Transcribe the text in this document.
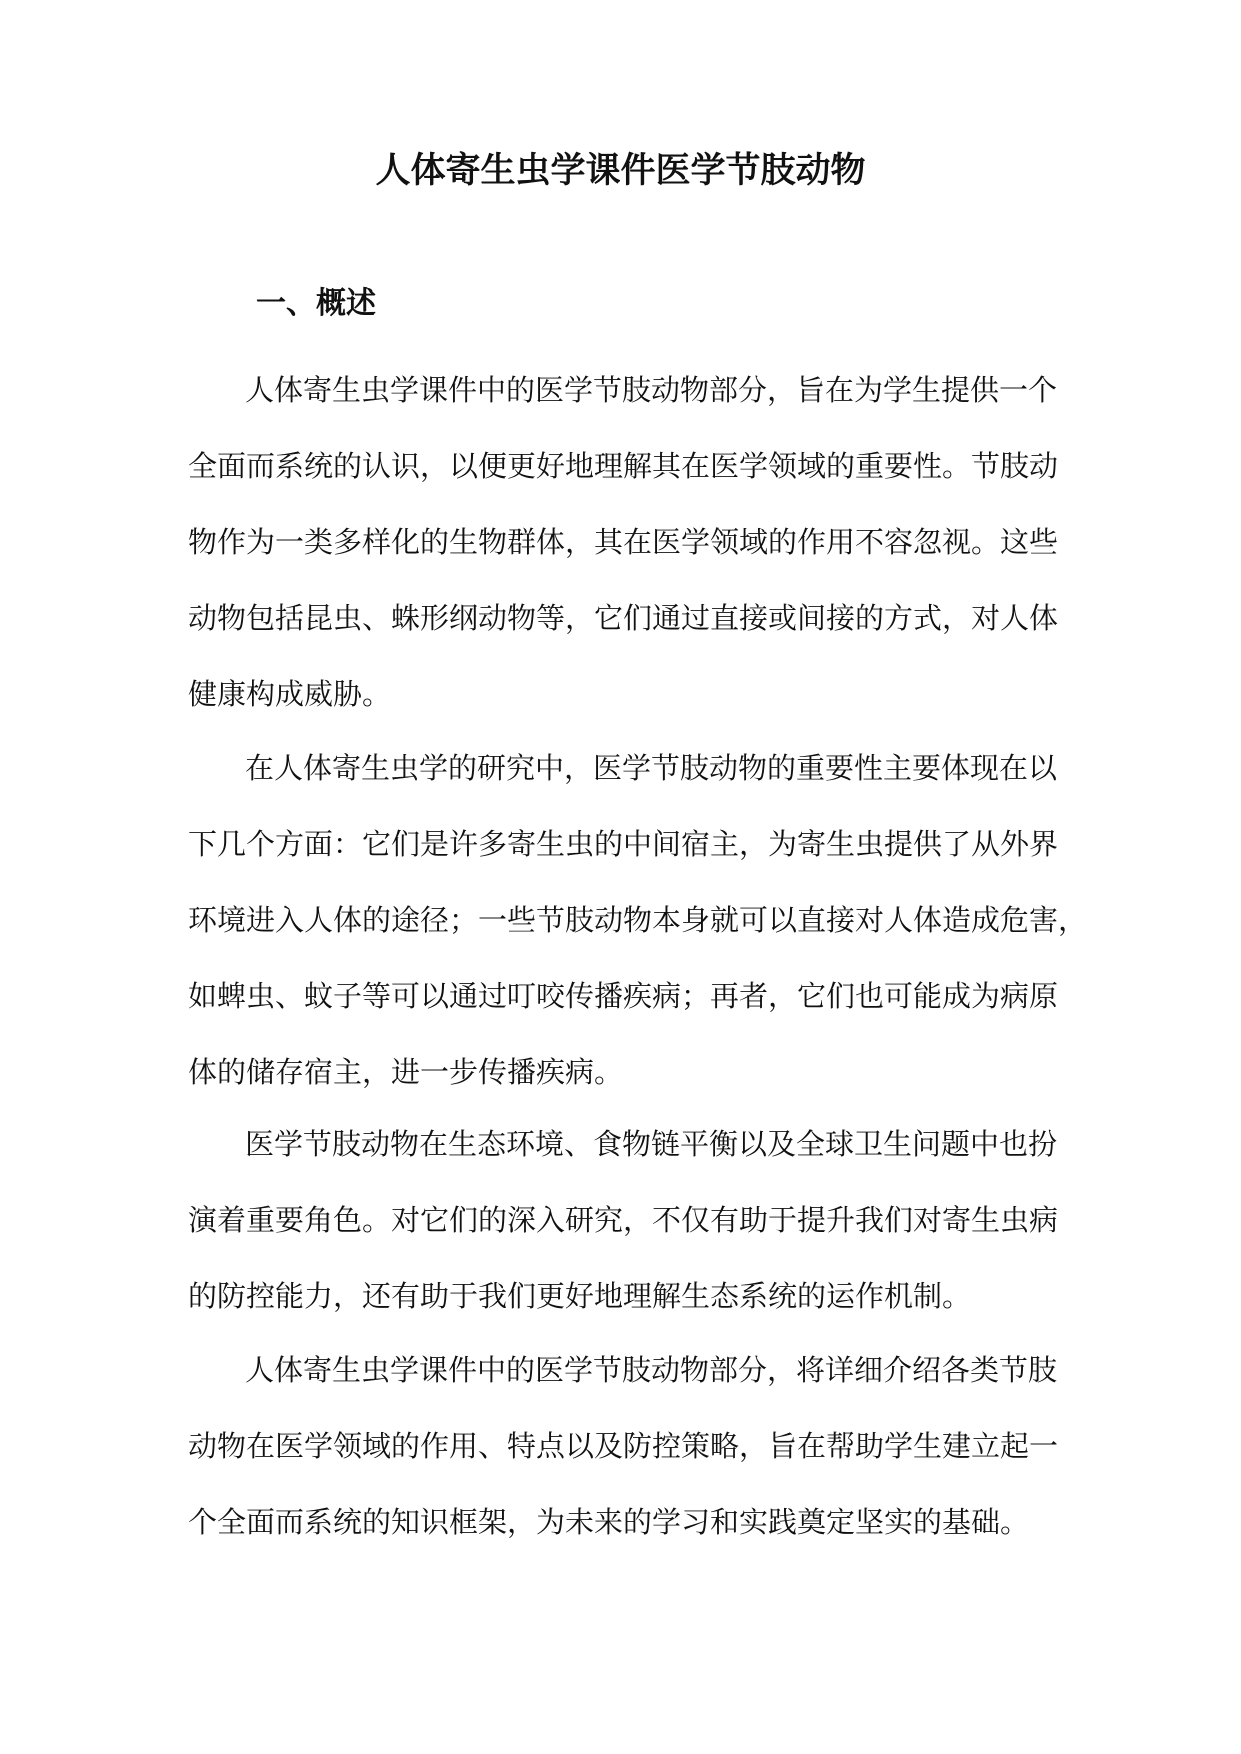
人体寄生虫学课件医学节肢动物
一、概述
人体寄生虫学课件中的医学节肢动物部分，旨在为学生提供一个
全面而系统的认识，以便更好地理解其在医学领域的重要性。节肢动
物作为一类多样化的生物群体，其在医学领域的作用不容忽视。这些
动物包括昆虫、蛛形纲动物等，它们通过直接或间接的方式，对人体
健康构成威胁。
在人体寄生虫学的研究中，医学节肢动物的重要性主要体现在以
下几个方面：它们是许多寄生虫的中间宿主，为寄生虫提供了从外界
环境进入人体的途径；一些节肢动物本身就可以直接对人体造成危害，
如蜱虫、蚊子等可以通过叮咬传播疾病；再者，它们也可能成为病原
体的储存宿主，进一步传播疾病。
医学节肢动物在生态环境、食物链平衡以及全球卫生问题中也扮
演着重要角色。对它们的深入研究，不仅有助于提升我们对寄生虫病
的防控能力，还有助于我们更好地理解生态系统的运作机制。
人体寄生虫学课件中的医学节肢动物部分，将详细介绍各类节肢
动物在医学领域的作用、特点以及防控策略，旨在帮助学生建立起一
个全面而系统的知识框架，为未来的学习和实践奠定坚实的基础。
